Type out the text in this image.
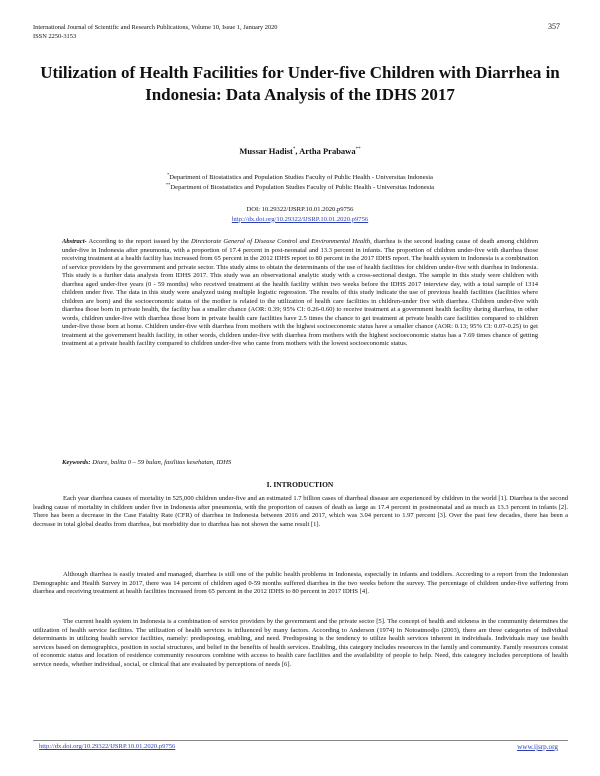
International Journal of Scientific and Research Publications, Volume 10, Issue 1, January 2020
ISSN 2250-3153
357
Utilization of Health Facilities for Under-five Children with Diarrhea in Indonesia: Data Analysis of the IDHS 2017
Mussar Hadist*, Artha Prabawa**
*Department of Biostatistics and Population Studies Faculty of Public Health - Universitas Indonesia
**Department of Biostatistics and Population Studies Faculty of Public Health - Universitas Indonesia
DOI: 10.29322/IJSRP.10.01.2020.p9756
http://dx.doi.org/10.29322/IJSRP.10.01.2020.p9756
Abstract- According to the report issued by the Directorate General of Disease Control and Environmental Health, diarrhea is the second leading cause of death among children under-five in Indonesia after pneumonia, with a proportion of 17.4 percent in post-neonatal and 13.3 percent in infants. The proportion of children under-five with diarrhea those receiving treatment at a health facility has increased from 65 percent in the 2012 IDHS report to 80 percent in the 2017 IDHS report. The health system in Indonesia is a combination of service providers by the government and private sector. This study aims to obtain the determinants of the use of health facilities for children under-five with diarrhea in Indonesia. This study is a further data analysis from IDHS 2017. This study was an observational analytic study with a cross-sectional design. The sample in this study were children with diarrhea aged under-five years (0 - 59 months) who received treatment at the health facility within two weeks before the IDHS 2017 interview day, with a total sample of 1314 children under five. The data in this study were analyzed using multiple logistic regression. The results of this study indicate the use of previous health facilities (facilities where children are born) and the socioeconomic status of the mother is related to the utilization of health care facilities in children-under five with diarrhea. Children under-five with diarrhea those born in private health, the facility has a smaller chance (AOR: 0.39; 95% CI: 0.26-0.60) to receive treatment at a government health facility during diarrhea, in other words, children under-five with diarrhea those born in private health care facilities have 2.5 times the chance to get treatment at private health care facilities compared to children under-five those born at home. Children under-five with diarrhea from mothers with the highest socioeconomic status have a smaller chance (AOR: 0.13; 95% CI: 0.07-0.25) to get treatment at the government health facility, in other words, children under-five with diarrhea from mothers with the highest socioeconomic status has a 7.69 times chance of getting treatment at a private health facility compared to children under-five who came from mothers with the lowest socioeconomic status.
Keywords: Diare, balita 0 – 59 bulan, fasilitas kesehatan, IDHS
I. INTRODUCTION
Each year diarrhea causes of mortality in 525,000 children under-five and an estimated 1.7 billion cases of diarrheal disease are experienced by children in the world [1]. Diarrhea is the second leading cause of mortality in children under five in Indonesia after pneumonia, with the proportion of causes of death as large as 17.4 percent in postneonatal and as much as 13.3 percent in infants [2]. There has been a decrease in the Case Fatality Rate (CFR) of diarrhea in Indonesia between 2016 and 2017, which was 3.04 percent to 1.97 percent [3]. Over the past few decades, there has been a decrease in total global deaths from diarrhea, but morbidity due to diarrhea has not shown the same result [1].
Although diarrhea is easily treated and managed, diarrhea is still one of the public health problems in Indonesia, especially in infants and toddlers. According to a report from the Indonesian Demographic and Health Survey in 2017, there was 14 percent of children aged 0-59 months suffered diarrhea in the two weeks before the survey. The percentage of children under-five suffering from diarrhea and receiving treatment at health facilities increased from 65 percent in the 2012 IDHS to 80 percent in 2017 IDHS [4].
The current health system in Indonesia is a combination of service providers by the government and the private sector [5]. The concept of health and sickness in the community determines the utilization of health service facilities. The utilization of health services is influenced by many factors. According to Anderson (1974) in Notoatmodjo (2003), there are three categories of individual determinants in utilizing health service facilities, namely: predisposing, enabling, and need. Predisposing is the tendency to utilize health services inherent in individuals. Individuals may use health services based on demographics, position in social structures, and belief in the benefits of health services. Enabling, this category includes resources in the family and community. Family resources consist of economic status and location of residence community resources combine with access to health care facilities and the availability of people to help. Need, this category includes perceptions of health service needs, whether individual, social, or clinical that are evaluated by perceptions of needs [6].
http://dx.doi.org/10.29322/IJSRP.10.01.2020.p9756	www.ijsrp.org
